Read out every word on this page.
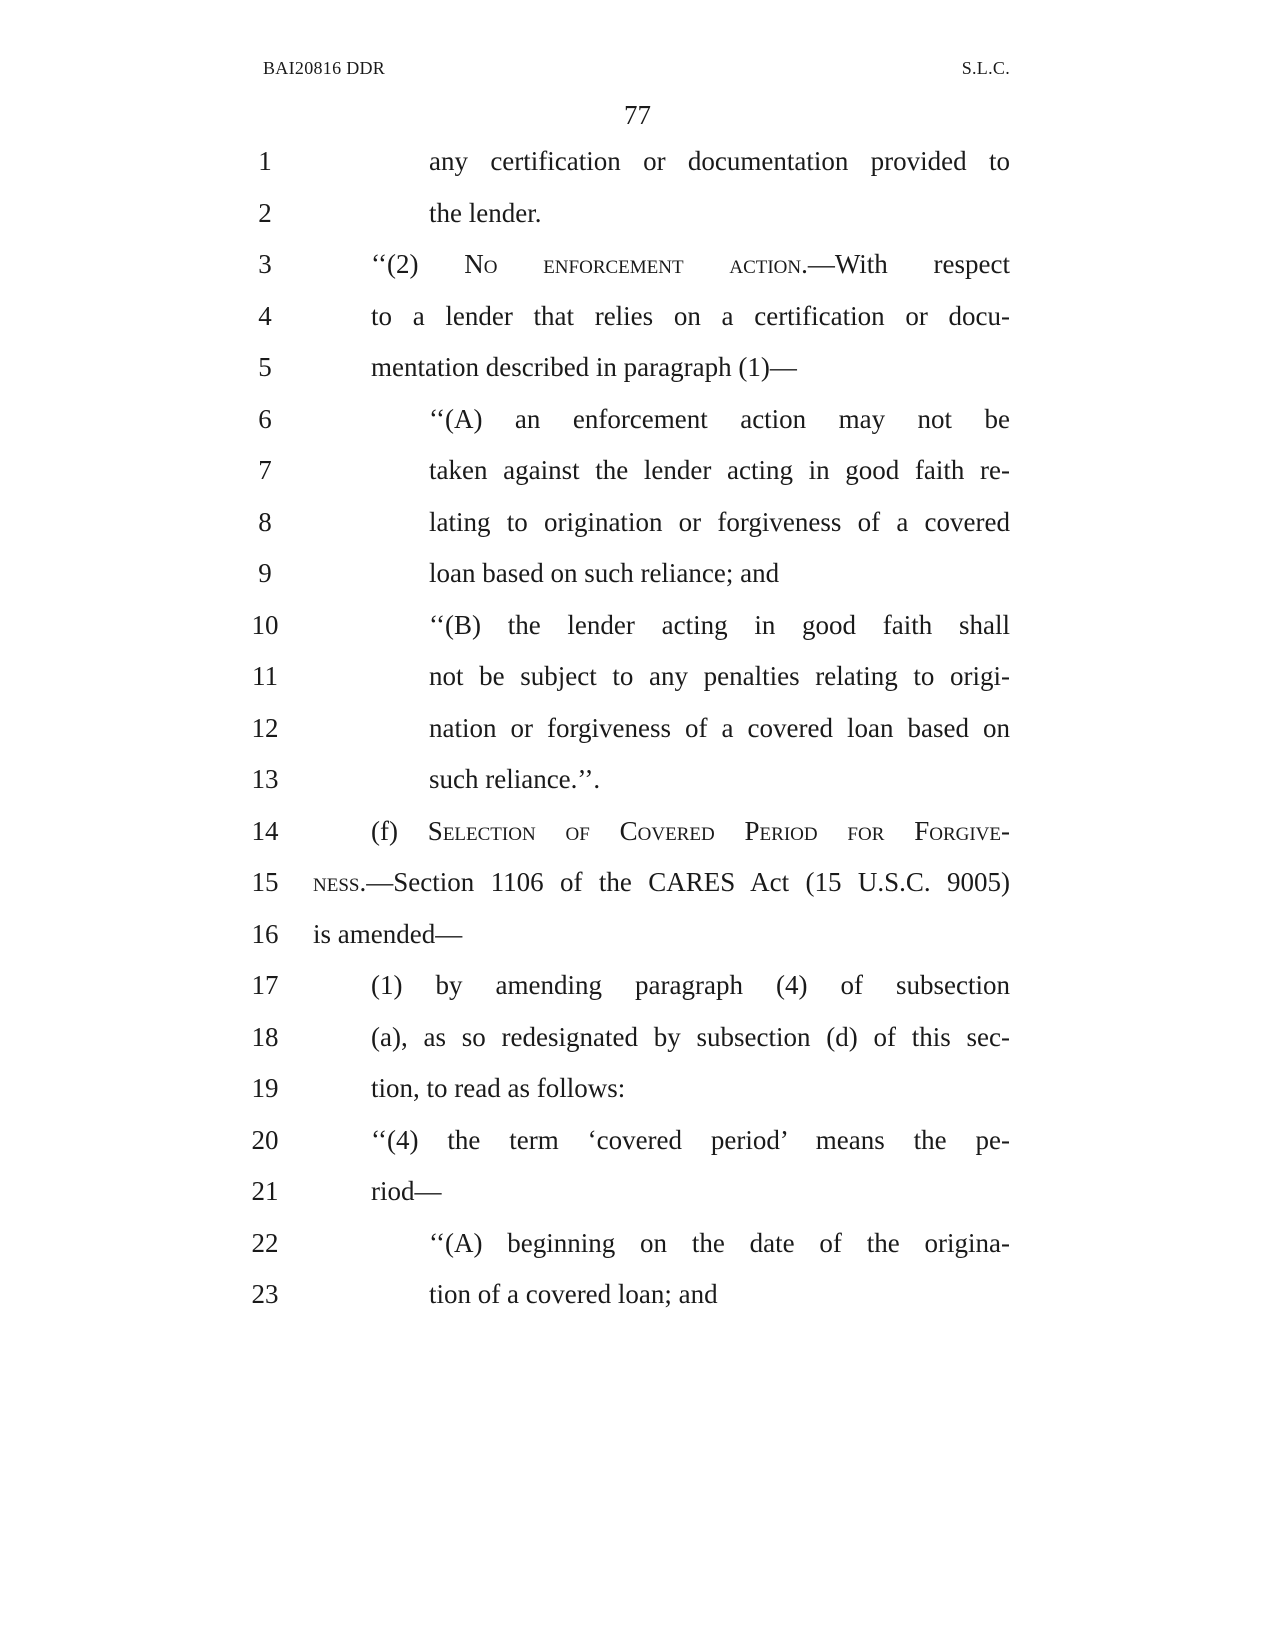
BAI20816 DDR	S.L.C.
77
1	any certification or documentation provided to
2	the lender.
3	‘‘(2) No enforcement action.—With respect
4	to a lender that relies on a certification or docu-
5	mentation described in paragraph (1)—
6	‘‘(A) an enforcement action may not be
7	taken against the lender acting in good faith re-
8	lating to origination or forgiveness of a covered
9	loan based on such reliance; and
10	‘‘(B) the lender acting in good faith shall
11	not be subject to any penalties relating to origi-
12	nation or forgiveness of a covered loan based on
13	such reliance.’’.
14	(f) Selection of Covered Period for Forgive-
15	ness.—Section 1106 of the CARES Act (15 U.S.C. 9005)
16	is amended—
17	(1) by amending paragraph (4) of subsection
18	(a), as so redesignated by subsection (d) of this sec-
19	tion, to read as follows:
20	‘‘(4) the term ‘covered period’ means the pe-
21	riod—
22	‘‘(A) beginning on the date of the origina-
23	tion of a covered loan; and
